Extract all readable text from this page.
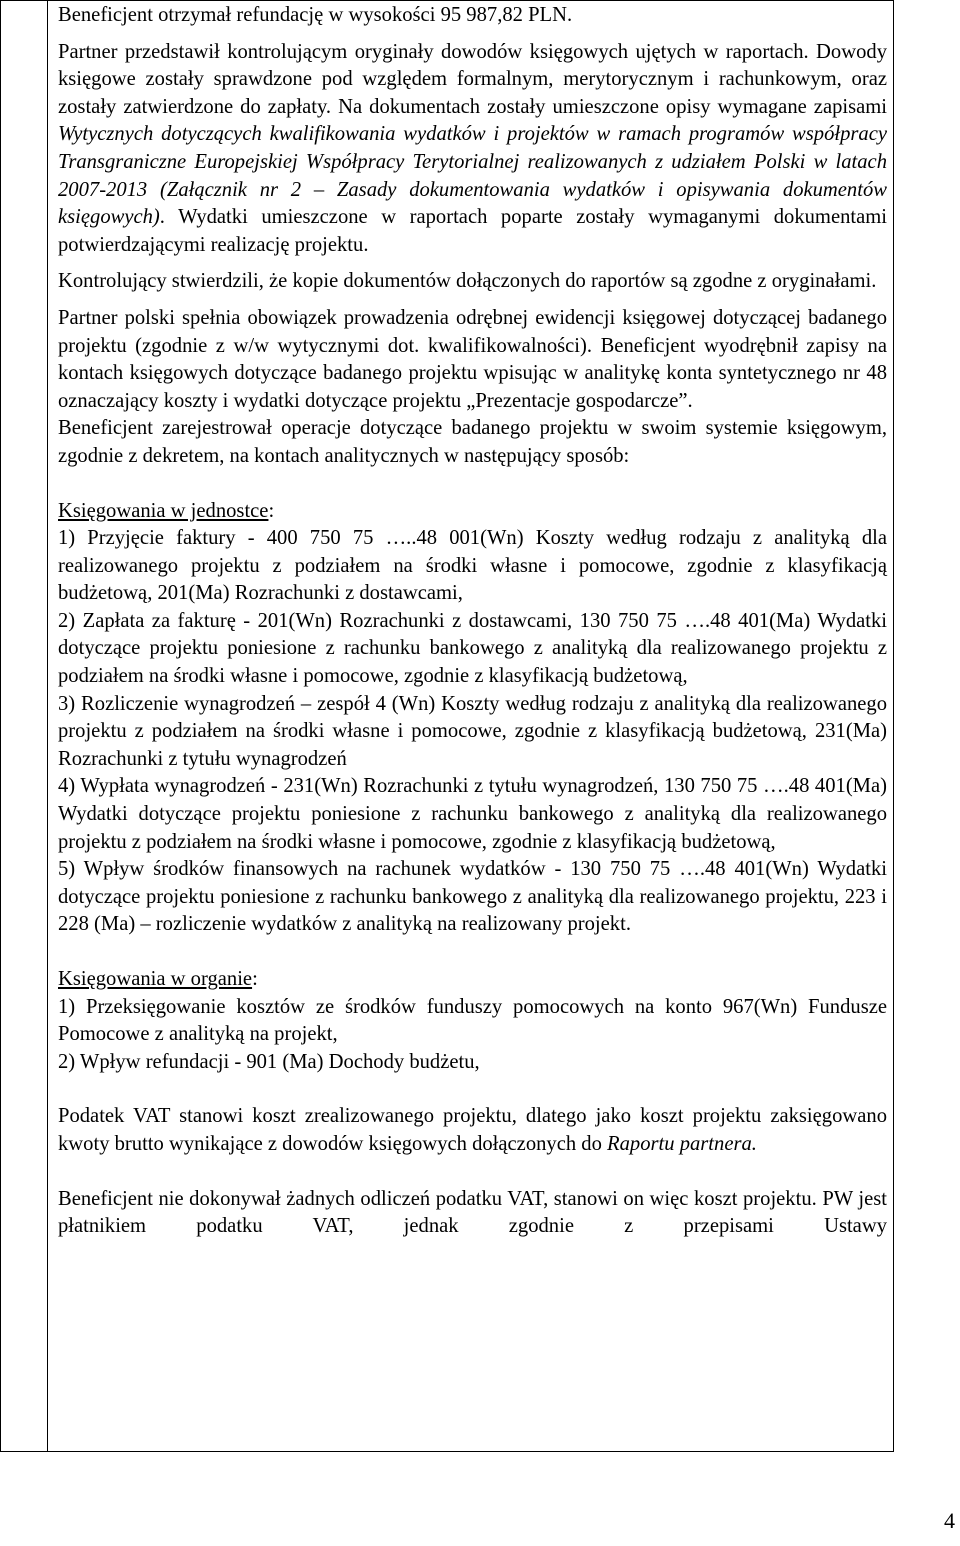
Beneficjent otrzymał refundację w wysokości 95 987,82 PLN.

Partner przedstawił kontrolującym oryginały dowodów księgowych ujętych w raportach. Dowody księgowe zostały sprawdzone pod względem formalnym, merytorycznym i rachunkowym, oraz zostały zatwierdzone do zapłaty. Na dokumentach zostały umieszczone opisy wymagane zapisami Wytycznych dotyczących kwalifikowania wydatków i projektów w ramach programów współpracy Transgraniczne Europejskiej Współpracy Terytorialnej realizowanych z udziałem Polski w latach 2007-2013 (Załącznik nr 2 – Zasady dokumentowania wydatków i opisywania dokumentów księgowych). Wydatki umieszczone w raportach poparte zostały wymaganymi dokumentami potwierdzającymi realizację projektu.

Kontrolujący stwierdzili, że kopie dokumentów dołączonych do raportów są zgodne z oryginałami.

Partner polski spełnia obowiązek prowadzenia odrębnej ewidencji księgowej dotyczącej badanego projektu (zgodnie z w/w wytycznymi dot. kwalifikowalności). Beneficjent wyodrębnił zapisy na kontach księgowych dotyczące badanego projektu wpisując w analitykę konta syntetycznego nr 48 oznaczający koszty i wydatki dotyczące projektu „Prezentacje gospodarcze”.

Beneficjent zarejestrował operacje dotyczące badanego projektu w swoim systemie księgowym, zgodnie z dekretem, na kontach analitycznych w następujący sposób:

Księgowania w jednostce:

1) Przyjęcie faktury - 400 750 75 …..48 001(Wn) Koszty według rodzaju z analityką dla realizowanego projektu z podziałem na środki własne i pomocowe, zgodnie z klasyfikacją budżetową, 201(Ma) Rozrachunki z dostawcami,

2) Zapłata za fakturę - 201(Wn) Rozrachunki z dostawcami, 130 750 75 ….48 401(Ma) Wydatki dotyczące projektu poniesione z rachunku bankowego z analityką dla realizowanego projektu z podziałem na środki własne i pomocowe, zgodnie z klasyfikacją budżetową,

3) Rozliczenie wynagrodzeń – zespół 4 (Wn) Koszty według rodzaju z analityką dla realizowanego projektu z podziałem na środki własne i pomocowe, zgodnie z klasyfikacją budżetową, 231(Ma) Rozrachunki z tytułu wynagrodzeń

4) Wypłata wynagrodzeń - 231(Wn) Rozrachunki z tytułu wynagrodzeń, 130 750 75 ….48 401(Ma) Wydatki dotyczące projektu poniesione z rachunku bankowego z analityką dla realizowanego projektu z podziałem na środki własne i pomocowe, zgodnie z klasyfikacją budżetową,

5) Wpływ środków finansowych na rachunek wydatków - 130 750 75 ….48 401(Wn) Wydatki dotyczące projektu poniesione z rachunku bankowego z analityką dla realizowanego projektu, 223 i 228 (Ma) – rozliczenie wydatków z analityką na realizowany projekt.

Księgowania w organie:

1) Przeksięgowanie kosztów ze środków funduszy pomocowych na konto 967(Wn) Fundusze Pomocowe z analityką na projekt,

2) Wpływ refundacji - 901 (Ma) Dochody budżetu,

Podatek VAT stanowi koszt zrealizowanego projektu, dlatego jako koszt projektu zaksięgowano kwoty brutto wynikające z dowodów księgowych dołączonych do Raportu partnera.

Beneficjent nie dokonywał żadnych odliczeń podatku VAT, stanowi on więc koszt projektu. PW jest płatnikiem podatku VAT, jednak zgodnie z przepisami Ustawy

4
